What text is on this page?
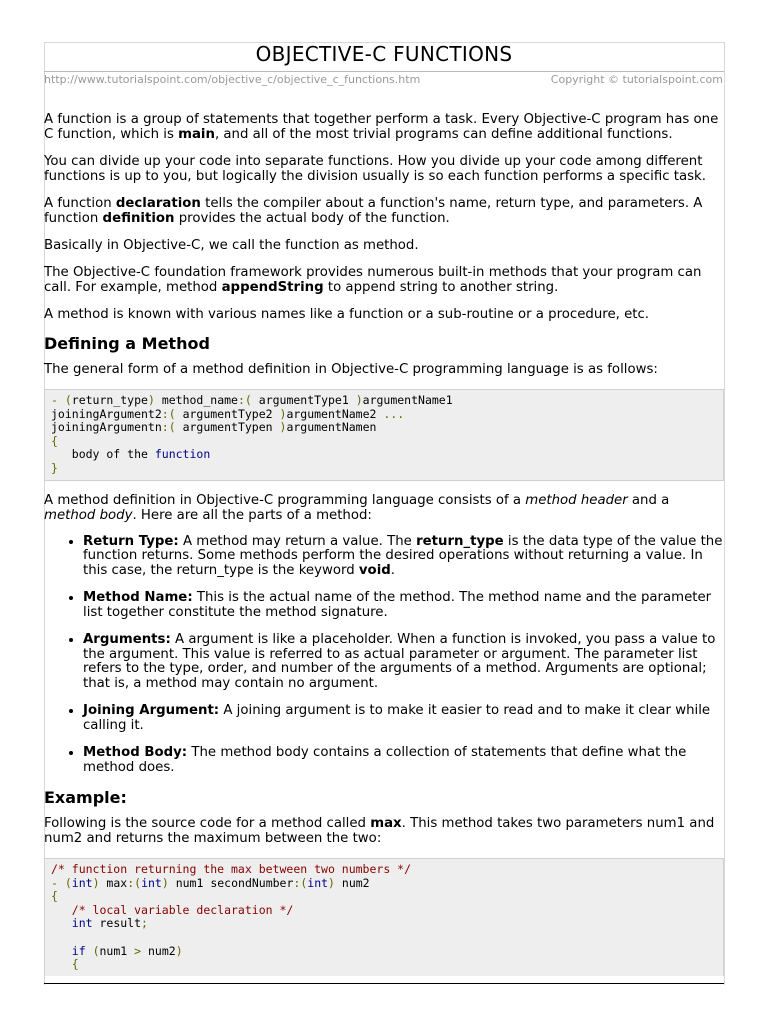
OBJECTIVE-C FUNCTIONS
http://www.tutorialspoint.com/objective_c/objective_c_functions.htm	Copyright © tutorialspoint.com

A function is a group of statements that together perform a task. Every Objective-C program has one C function, which is main, and all of the most trivial programs can define additional functions.

You can divide up your code into separate functions. How you divide up your code among different functions is up to you, but logically the division usually is so each function performs a specific task.

A function declaration tells the compiler about a function's name, return type, and parameters. A function definition provides the actual body of the function.

Basically in Objective-C, we call the function as method.

The Objective-C foundation framework provides numerous built-in methods that your program can call. For example, method appendString to append string to another string.

A method is known with various names like a function or a sub-routine or a procedure, etc.

Defining a Method

The general form of a method definition in Objective-C programming language is as follows:

- (return_type) method_name:( argumentType1 )argumentName1
joiningArgument2:( argumentType2 )argumentName2 ...
joiningArgumentn:( argumentTypen )argumentNamen
{
body of the function
}

A method definition in Objective-C programming language consists of a method header and a method body. Here are all the parts of a method:

• Return Type: A method may return a value. The return_type is the data type of the value the function returns. Some methods perform the desired operations without returning a value. In this case, the return_type is the keyword void.
• Method Name: This is the actual name of the method. The method name and the parameter list together constitute the method signature.
• Arguments: A argument is like a placeholder. When a function is invoked, you pass a value to the argument. This value is referred to as actual parameter or argument. The parameter list refers to the type, order, and number of the arguments of a method. Arguments are optional; that is, a method may contain no argument.
• Joining Argument: A joining argument is to make it easier to read and to make it clear while calling it.
• Method Body: The method body contains a collection of statements that define what the method does.
Example:

Following is the source code for a method called max. This method takes two parameters num1 and num2 and returns the maximum between the two:

/* function returning the max between two numbers */
- (int) max:(int) num1 secondNumber:(int) num2
{
/* local variable declaration */
int result;

if (num1 > num2)
{
